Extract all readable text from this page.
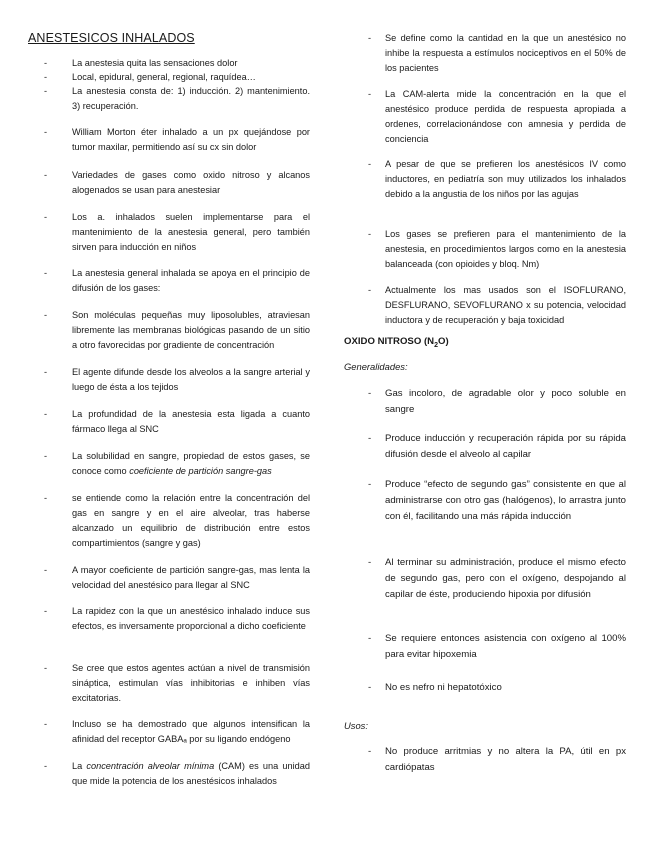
ANESTESICOS INHALADOS
-	La anestesia quita las sensaciones dolor
-	Local, epidural, general, regional, raquídea…
-	La anestesia consta de: 1) inducción. 2) mantenimiento. 3) recuperación.
-	William Morton éter inhalado a un px quejándose por tumor maxilar, permitiendo así su cx sin dolor
-	Variedades de gases como oxido nitroso y alcanos alogenados se usan para anestesiar
-	Los a. inhalados suelen implementarse para el mantenimiento de la anestesia general, pero también sirven para inducción en niños
-	La anestesia general inhalada se apoya en el principio de difusión de los gases:
-	Son moléculas pequeñas muy liposolubles, atraviesan libremente las membranas biológicas pasando de un sitio a otro favorecidas por gradiente de concentración
-	El agente difunde desde los alveolos a la sangre arterial y luego de ésta a los tejidos
-	La profundidad de la anestesia esta ligada a cuanto fármaco llega al SNC
-	La solubilidad en sangre, propiedad de estos gases, se conoce como coeficiente de partición sangre-gas
-	se entiende como la relación entre la concentración del gas en sangre y en el aire alveolar, tras haberse alcanzado un equilibrio de distribución entre estos compartimientos (sangre y gas)
-	A mayor coeficiente de partición sangre-gas, mas lenta la velocidad del anestésico para llegar al SNC
-	La rapidez con la que un anestésico inhalado induce sus efectos, es inversamente proporcional a dicho coeficiente
-	Se cree que estos agentes actúan a nivel de transmisión sináptica, estimulan vías inhibitorias e inhiben vías excitatorias.
-	Incluso se ha demostrado que algunos intensifican la afinidad del receptor GABAₐ por su ligando endógeno
-	La concentración alveolar mínima (CAM) es una unidad que mide la potencia de los anestésicos inhalados
- Se define como la cantidad en la que un anestésico no inhibe la respuesta a estímulos nociceptivos en el 50% de los pacientes
- La CAM-alerta mide la concentración en la que el anestésico produce perdida de respuesta apropiada a ordenes, correlacionándose con amnesia y perdida de conciencia
- A pesar de que se prefieren los anestésicos IV como inductores, en pediatría son muy utilizados los inhalados debido a la angustia de los niños por las agujas
- Los gases se prefieren para el mantenimiento de la anestesia, en procedimientos largos como en la anestesia balanceada (con opioides y bloq. Nm)
- Actualmente los mas usados son el ISOFLURANO, DESFLURANO, SEVOFLURANO x su potencia, velocidad inductora y de recuperación y baja toxicidad
OXIDO NITROSO $(N_2O)$
Generalidades:
- Gas incoloro, de agradable olor y poco soluble en sangre
- Produce inducción y recuperación rápida por su rápida difusión desde el alveolo al capilar
- Produce “efecto de segundo gas” consistente en que al administrarse con otro gas (halógenos), lo arrastra junto con él, facilitando una más rápida inducción
- Al terminar su administración, produce el mismo efecto de segundo gas, pero con el oxígeno, despojando al capilar de éste, produciendo hipoxia por difusión
- Se requiere entonces asistencia con oxígeno al 100% para evitar hipoxemia
- No es nefro ni hepatotóxico
Usos:
- No produce arritmias y no altera la PA, útil en px cardiópatas
